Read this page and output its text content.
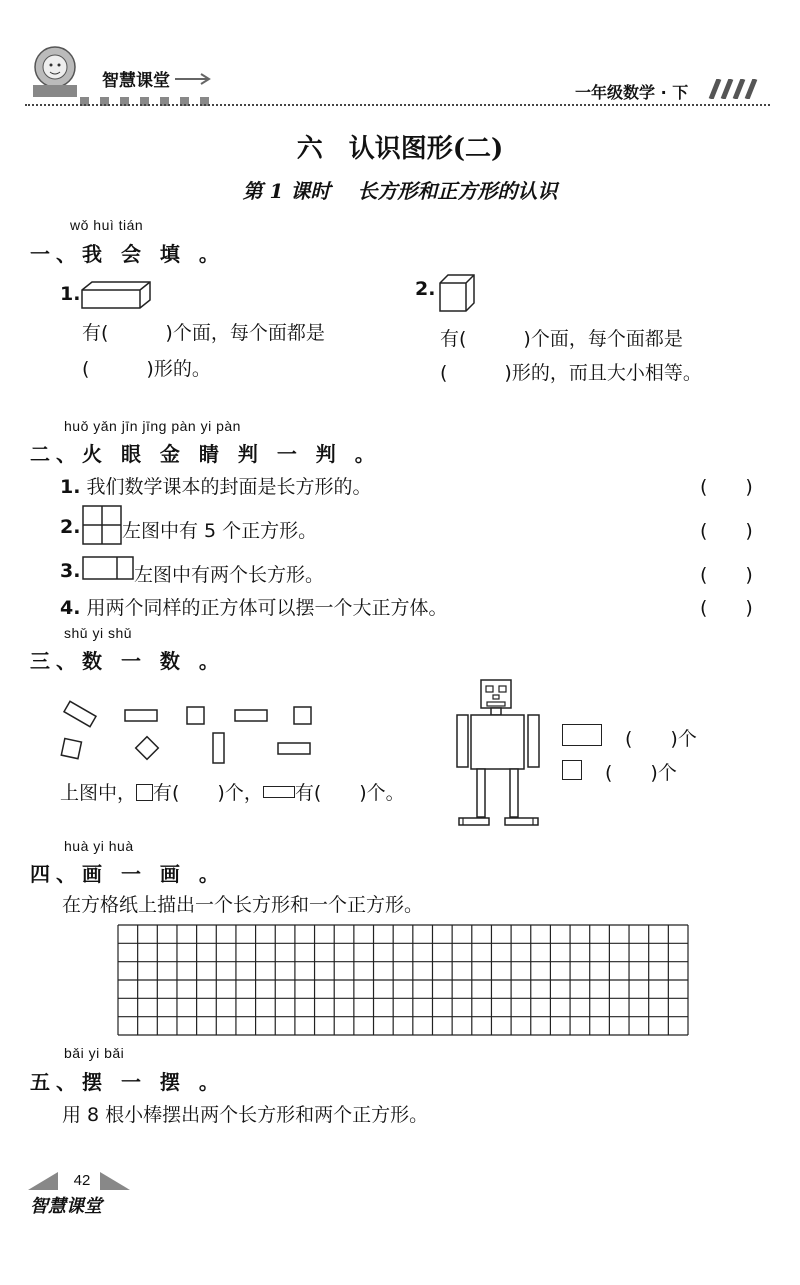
智慧课堂
一年级数学 · 下
六　认识图形(二)
第 1 课时　 长方形和正方形的认识
wǒ huì tián
一、我 会 填 。
1.
有(　　　)个面，每个面都是
(　　　)形的。
2.
有(　　　)个面，每个面都是
(　　　)形的，而且大小相等。
huǒ yǎn jīn jīng pàn yi pàn
二、火 眼 金 睛 判 一 判 。
1. 我们数学课本的封面是长方形的。	(　　)
2. 左图中有 5 个正方形。	(　　)
3.	左图中有两个长方形。	(　　)
4. 用两个同样的正方体可以摆一个大正方体。	(　　)
shǔ yi shǔ
三、数 一 数 。
上图中， 有(　　)个， 有(　　)个。
(　　)个
(　　)个
huà yi huà
四、画 一 画 。
在方格纸上描出一个长方形和一个正方形。
bǎi yi bǎi
五、摆 一 摆 。
用 8 根小棒摆出两个长方形和两个正方形。
42
智慧课堂
